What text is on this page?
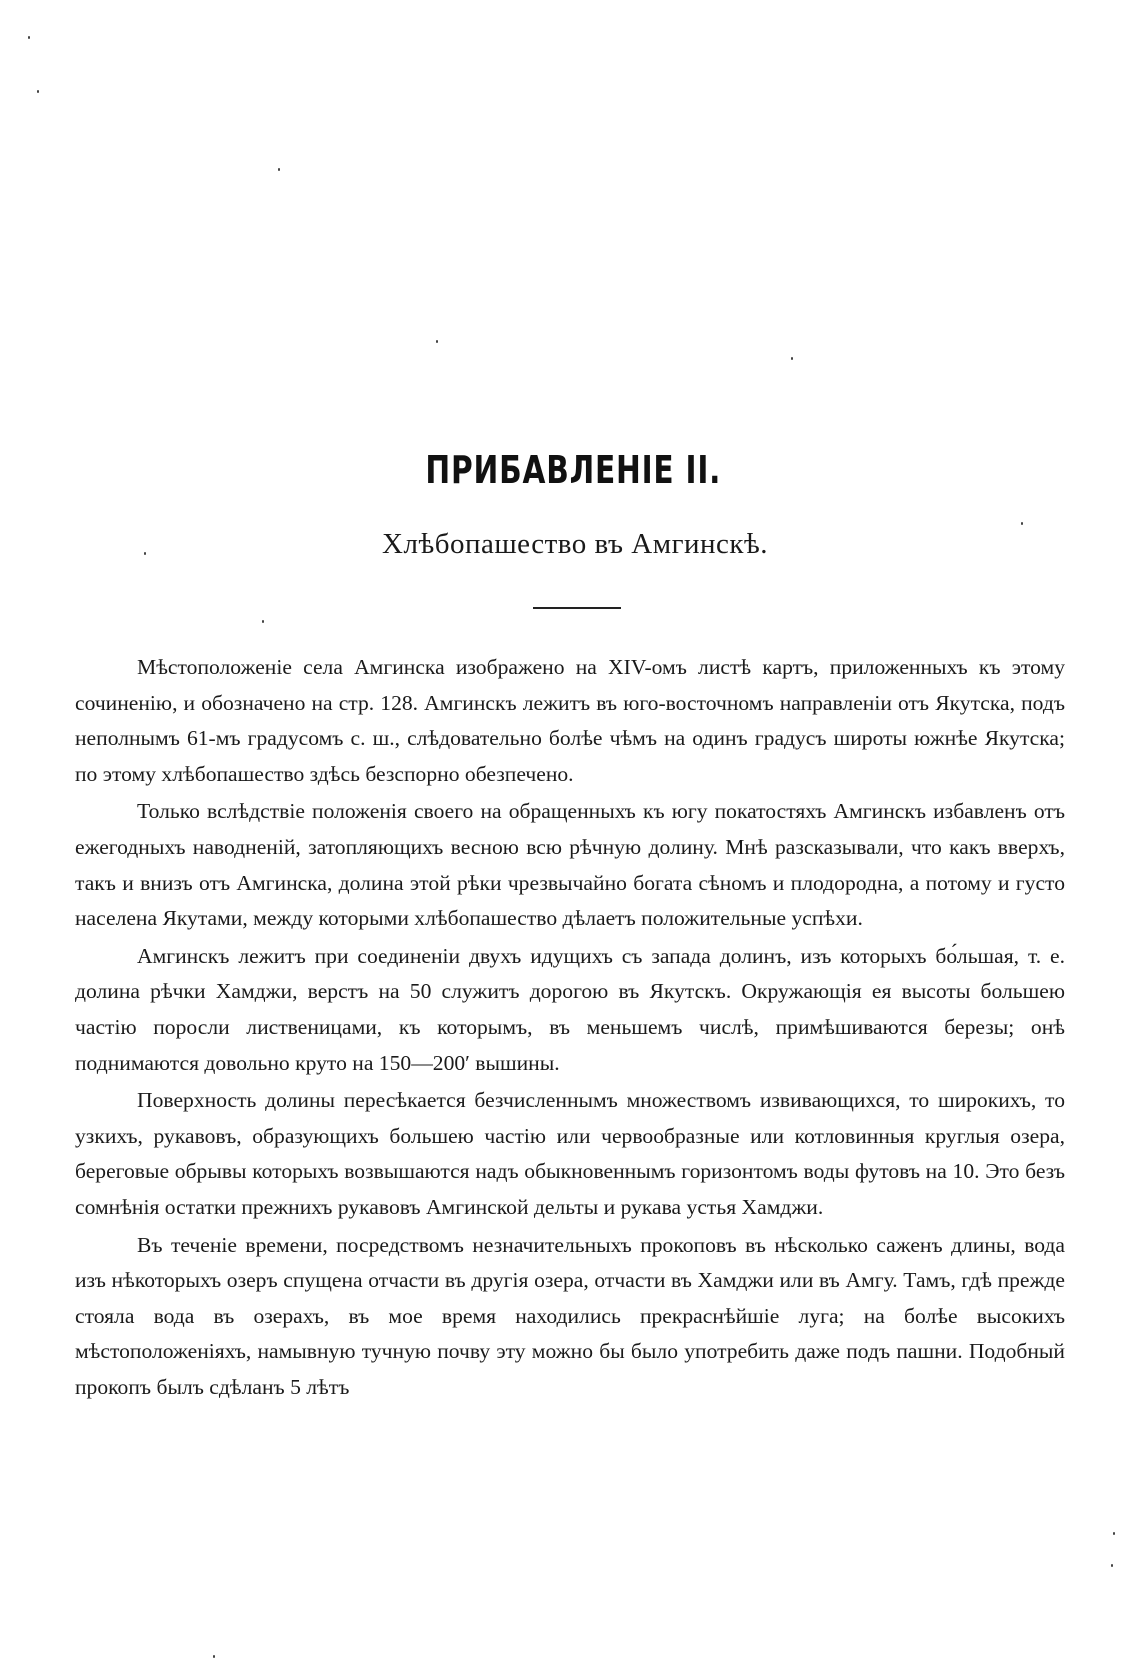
ПРИБАВЛЕНІЕ II.
Хлѣбопашество въ Амгинскѣ.

Мѣстоположеніе села Амгинска изображено на XIV-омъ листѣ картъ, приложенныхъ къ этому сочиненію, и обозначено на стр. 128. Амгинскъ лежитъ въ юго-восточномъ направленіи отъ Якутска, подъ неполнымъ 61-мъ градусомъ с. ш., слѣдовательно болѣе чѣмъ на одинъ градусъ широты южнѣе Якутска; по этому хлѣбопашество здѣсь безспорно обезпечено.

Только вслѣдствіе положенія своего на обращенныхъ къ югу покатостяхъ Амгинскъ избавленъ отъ ежегодныхъ наводненій, затопляющихъ весною всю рѣчную долину. Мнѣ разсказывали, что какъ вверхъ, такъ и внизъ отъ Амгинска, долина этой рѣки чрезвычайно богата сѣномъ и плодородна, а потому и густо населена Якутами, между которыми хлѣбопашество дѣлаетъ положительные успѣхи.

Амгинскъ лежитъ при соединеніи двухъ идущихъ съ запада долинъ, изъ которыхъ бо́льшая, т. е. долина рѣчки Хамджи, верстъ на 50 служитъ дорогою въ Якутскъ. Окружающія ея высоты большею частію поросли лиственицами, къ которымъ, въ меньшемъ числѣ, примѣшиваются березы; онѣ поднимаются довольно круто на 150—200′ вышины.

Поверхность долины пересѣкается безчисленнымъ множествомъ извивающихся, то широкихъ, то узкихъ, рукавовъ, образующихъ большею частію или червообразные или котловинныя круглыя озера, береговые обрывы которыхъ возвышаются надъ обыкновеннымъ горизонтомъ воды футовъ на 10. Это безъ сомнѣнія остатки прежнихъ рукавовъ Амгинской дельты и рукава устья Хамджи.

Въ теченіе времени, посредствомъ незначительныхъ прокоповъ въ нѣсколько саженъ длины, вода изъ нѣкоторыхъ озеръ спущена отчасти въ другія озера, отчасти въ Хамджи или въ Амгу. Тамъ, гдѣ прежде стояла вода въ озерахъ, въ мое время находились прекраснѣйшіе луга; на болѣе высокихъ мѣстоположеніяхъ, намывную тучную почву эту можно бы было употребить даже подъ пашни. Подобный прокопъ былъ сдѣланъ 5 лѣтъ
